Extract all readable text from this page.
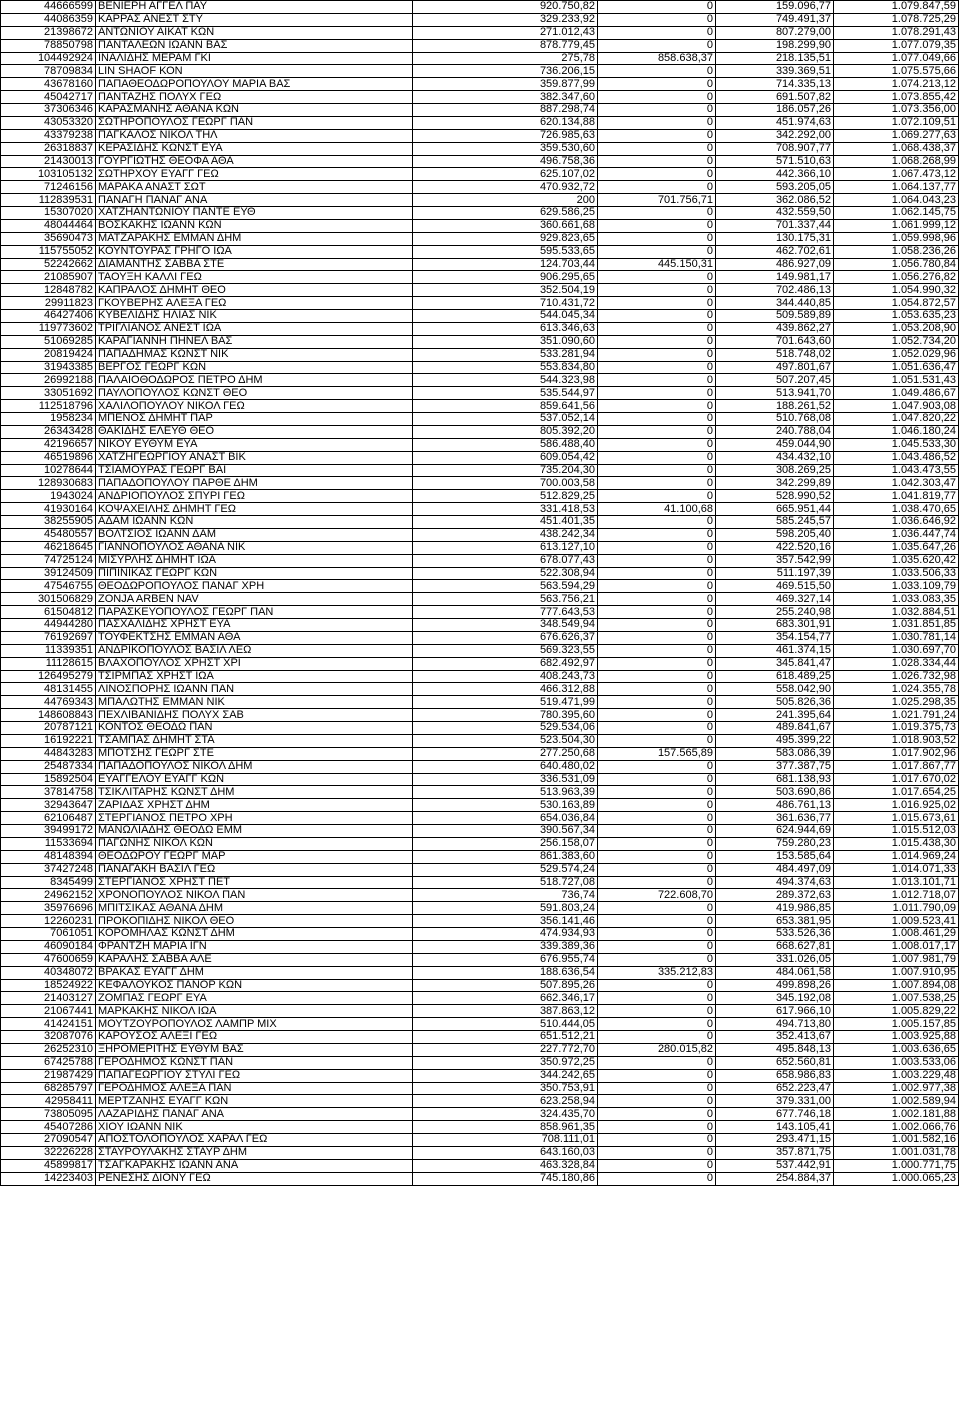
44666599	ΒΕΝΙΕΡΗ ΑΓΓΕΛ ΠΑΥ	920.750,82	0	159.096,77	1.079.847,59
44086359	ΚΑΡΡΑΣ ΑΝΕΣΤ ΣΤΥ	329.233,92	0	749.491,37	1.078.725,29
21398672	ΑΝΤΩΝΙΟΥ ΑΙΚΑΤ ΚΩΝ	271.012,43	0	807.279,00	1.078.291,43
78850798	ΠΑΝΤΑΛΕΩΝ ΙΩΑΝΝ ΒΑΣ	878.779,45	0	198.299,90	1.077.079,35
104492924	ΙΝΑΛΙΔΗΣ ΜΕΡΑΜ ΓΚΙ	275,78	858.638,37	218.135,51	1.077.049,66
78709834	LIN SHAOF ΚΟΝ	736.206,15	0	339.369,51	1.075.575,66
43678160	ΠΑΠΑΘΕΟΔΩΡΟΠΟΥΛΟΥ ΜΑΡΙΑ ΒΑΣ	359.877,99	0	714.335,13	1.074.213,12
45042717	ΠΑΝΤΑΖΗΣ ΠΟΛΥΧ ΓΕΩ	382.347,60	0	691.507,82	1.073.855,42
37306346	ΚΑΡΑΣΜΑΝΗΣ ΑΘΑΝΑ ΚΩΝ	887.298,74	0	186.057,26	1.073.356,00
43053320	ΣΩΤΗΡΟΠΟΥΛΟΣ ΓΕΩΡΓ ΠΑΝ	620.134,88	0	451.974,63	1.072.109,51
43379238	ΠΑΓΚΑΛΟΣ ΝΙΚΟΛ ΤΗΛ	726.985,63	0	342.292,00	1.069.277,63
26318837	ΚΕΡΑΣΙΔΗΣ ΚΩΝΣΤ ΕΥΑ	359.530,60	0	708.907,77	1.068.438,37
21430013	ΓΟΥΡΓΙΩΤΗΣ ΘΕΟΦΑ ΑΘΑ	496.758,36	0	571.510,63	1.068.268,99
103105132	ΣΩΤΗΡΧΟΥ ΕΥΑΓΓ ΓΕΩ	625.107,02	0	442.366,10	1.067.473,12
71246156	ΜΑΡΑΚΑ ΑΝΑΣΤ ΣΩΤ	470.932,72	0	593.205,05	1.064.137,77
112839531	ΠΑΝΑΓΗ ΠΑΝΑΓ ΑΝΑ	200	701.756,71	362.086,52	1.064.043,23
15307020	ΧΑΤΖΗΑΝΤΩΝΙΟΥ ΠΑΝΤΕ ΕΥΘ	629.586,25	0	432.559,50	1.062.145,75
48044464	ΒΟΣΚΑΚΗΣ ΙΩΑΝΝ ΚΩΝ	360.661,68	0	701.337,44	1.061.999,12
35690473	ΜΑΤΖΑΡΑΚΗΣ ΕΜΜΑΝ ΔΗΜ	929.823,65	0	130.175,31	1.059.998,96
115755052	ΚΟΥΝΤΟΥΡΑΣ ΓΡΗΓΟ ΙΩΑ	595.533,65	0	462.702,61	1.058.236,26
52242662	ΔΙΑΜΑΝΤΗΣ ΣΑΒΒΑ ΣΤΕ	124.703,44	445.150,31	486.927,09	1.056.780,84
21085907	ΤΑΟΥΞΗ ΚΑΛΛΙ ΓΕΩ	906.295,65	0	149.981,17	1.056.276,82
12848782	ΚΑΠΡΑΛΟΣ ΔΗΜΗΤ ΘΕΟ	352.504,19	0	702.486,13	1.054.990,32
29911823	ΓΚΟΥΒΕΡΗΣ ΑΛΕΞΑ ΓΕΩ	710.431,72	0	344.440,85	1.054.872,57
46427406	ΚΥΒΕΛΙΔΗΣ ΗΛΙΑΣ ΝΙΚ	544.045,34	0	509.589,89	1.053.635,23
119773602	ΤΡΙΓΛΙΑΝΟΣ ΑΝΕΣΤ ΙΩΑ	613.346,63	0	439.862,27	1.053.208,90
51069285	ΚΑΡΑΓΙΑΝΝΗ ΠΗΝΕΛ ΒΑΣ	351.090,60	0	701.643,60	1.052.734,20
20819424	ΠΑΠΑΔΗΜΑΣ ΚΩΝΣΤ ΝΙΚ	533.281,94	0	518.748,02	1.052.029,96
31943385	ΒΕΡΓΟΣ ΓΕΩΡΓ ΚΩΝ	553.834,80	0	497.801,67	1.051.636,47
26992188	ΠΑΛΑΙΟΘΟΔΩΡΟΣ ΠΕΤΡΟ ΔΗΜ	544.323,98	0	507.207,45	1.051.531,43
33051692	ΠΑΥΛΟΠΟΥΛΟΣ ΚΩΝΣΤ ΘΕΟ	535.544,97	0	513.941,70	1.049.486,67
112518796	ΧΑΛΙΛΟΠΟΥΛΟΥ ΝΙΚΟΛ ΓΕΩ	859.641,56	0	188.261,52	1.047.903,08
1958234	ΜΠΕΝΟΣ ΔΗΜΗΤ ΠΑΡ	537.052,14	0	510.768,08	1.047.820,22
26343428	ΘΑΚΙΔΗΣ ΕΛΕΥΘ ΘΕΟ	805.392,20	0	240.788,04	1.046.180,24
42196657	ΝΙΚΟΥ ΕΥΘΥΜ ΕΥΑ	586.488,40	0	459.044,90	1.045.533,30
46519896	ΧΑΤΖΗΓΕΩΡΓΙΟΥ ΑΝΑΣΤ ΒΙΚ	609.054,42	0	434.432,10	1.043.486,52
10278644	ΤΣΙΑΜΟΥΡΑΣ ΓΕΩΡΓ ΒΑΙ	735.204,30	0	308.269,25	1.043.473,55
128930683	ΠΑΠΑΔΟΠΟΥΛΟΥ ΠΑΡΘΕ ΔΗΜ	700.003,58	0	342.299,89	1.042.303,47
1943024	ΑΝΔΡΙΟΠΟΥΛΟΣ ΣΠΥΡΙ ΓΕΩ	512.829,25	0	528.990,52	1.041.819,77
41930164	ΚΟΨΑΧΕΙΛΗΣ ΔΗΜΗΤ ΓΕΩ	331.418,53	41.100,68	665.951,44	1.038.470,65
38255905	ΑΔΑΜ ΙΩΑΝΝ ΚΩΝ	451.401,35	0	585.245,57	1.036.646,92
45480557	ΒΟΛΤΣΙΟΣ ΙΩΑΝΝ ΔΑΜ	438.242,34	0	598.205,40	1.036.447,74
46218645	ΓΙΑΝΝΟΠΟΥΛΟΣ ΑΘΑΝΑ ΝΙΚ	613.127,10	0	422.520,16	1.035.647,26
74725124	ΜΙΣΥΡΛΗΣ ΔΗΜΗΤ ΙΩΑ	678.077,43	0	357.542,99	1.035.620,42
39124509	ΠΙΠΙΝΙΚΑΣ ΓΕΩΡΓ ΚΩΝ	522.308,94	0	511.197,39	1.033.506,33
47546755	ΘΕΟΔΩΡΟΠΟΥΛΟΣ ΠΑΝΑΓ ΧΡΗ	563.594,29	0	469.515,50	1.033.109,79
301506829	ZONJA ARBEN NAV	563.756,21	0	469.327,14	1.033.083,35
61504812	ΠΑΡΑΣΚΕΥΟΠΟΥΛΟΣ ΓΕΩΡΓ ΠΑΝ	777.643,53	0	255.240,98	1.032.884,51
44944280	ΠΑΣΧΑΛΙΔΗΣ ΧΡΗΣΤ ΕΥΑ	348.549,94	0	683.301,91	1.031.851,85
76192697	ΤΟΥΦΕΚΤΣΗΣ ΕΜΜΑΝ ΑΘΑ	676.626,37	0	354.154,77	1.030.781,14
11339351	ΑΝΔΡΙΚΟΠΟΥΛΟΣ ΒΑΣΙΛ ΛΕΩ	569.323,55	0	461.374,15	1.030.697,70
11128615	ΒΛΑΧΟΠΟΥΛΟΣ ΧΡΗΣΤ ΧΡΙ	682.492,97	0	345.841,47	1.028.334,44
126495279	ΤΣΙΡΜΠΑΣ ΧΡΗΣΤ ΙΩΑ	408.243,73	0	618.489,25	1.026.732,98
48131455	ΛΙΝΟΣΠΟΡΗΣ ΙΩΑΝΝ ΠΑΝ	466.312,88	0	558.042,90	1.024.355,78
44769343	ΜΠΑΛΩΤΗΣ ΕΜΜΑΝ ΝΙΚ	519.471,99	0	505.826,36	1.025.298,35
148608843	ΠΕΧΛΙΒΑΝΙΔΗΣ ΠΟΛΥΧ ΣΑΒ	780.395,60	0	241.395,64	1.021.791,24
20787121	ΚΟΝΤΟΣ ΘΕΟΔΩ ΠΑΝ	529.534,06	0	489.841,67	1.019.375,73
16192221	ΤΣΑΜΠΑΣ ΔΗΜΗΤ ΣΤΑ	523.504,30	0	495.399,22	1.018.903,52
44843283	ΜΠΟΤΣΗΣ ΓΕΩΡΓ ΣΤΕ	277.250,68	157.565,89	583.086,39	1.017.902,96
25487334	ΠΑΠΑΔΟΠΟΥΛΟΣ ΝΙΚΟΛ ΔΗΜ	640.480,02	0	377.387,75	1.017.867,77
15892504	ΕΥΑΓΓΕΛΟΥ ΕΥΑΓΓ ΚΩΝ	336.531,09	0	681.138,93	1.017.670,02
37814758	ΤΣΙΚΛΙΤΑΡΗΣ ΚΩΝΣΤ ΔΗΜ	513.963,39	0	503.690,86	1.017.654,25
32943647	ΖΑΡΙΔΑΣ ΧΡΗΣΤ ΔΗΜ	530.163,89	0	486.761,13	1.016.925,02
62106487	ΣΤΕΡΓΙΑΝΟΣ ΠΕΤΡΟ ΧΡΗ	654.036,84	0	361.636,77	1.015.673,61
39499172	ΜΑΝΩΛΙΑΔΗΣ ΘΕΟΔΩ ΕΜΜ	390.567,34	0	624.944,69	1.015.512,03
11533694	ΠΑΓΩΝΗΣ ΝΙΚΟΛ ΚΩΝ	256.158,07	0	759.280,23	1.015.438,30
48148394	ΘΕΟΔΩΡΟΥ ΓΕΩΡΓ ΜΑΡ	861.383,60	0	153.585,64	1.014.969,24
37427248	ΠΑΝΑΓΑΚΗ ΒΑΣΙΛ ΓΕΩ	529.574,24	0	484.497,09	1.014.071,33
8345499	ΣΤΕΡΓΙΑΝΟΣ ΧΡΗΣΤ ΠΕΤ	518.727,08	0	494.374,63	1.013.101,71
24962152	ΧΡΟΝΟΠΟΥΛΟΣ ΝΙΚΟΛ ΠΑΝ	736,74	722.608,70	289.372,63	1.012.718,07
35976696	ΜΠΙΤΣΙΚΑΣ ΑΘΑΝΑ ΔΗΜ	591.803,24	0	419.986,85	1.011.790,09
12260231	ΠΡΟΚΟΠΙΔΗΣ ΝΙΚΟΛ ΘΕΟ	356.141,46	0	653.381,95	1.009.523,41
7061051	ΚΟΡΟΜΗΛΑΣ ΚΩΝΣΤ ΔΗΜ	474.934,93	0	533.526,36	1.008.461,29
46090184	ΦΡΑΝΤΖΗ ΜΑΡΙΑ ΙΓΝ	339.389,36	0	668.627,81	1.008.017,17
47600659	ΚΑΡΑΛΗΣ ΣΑΒΒΑ ΑΛΕ	676.955,74	0	331.026,05	1.007.981,79
40348072	ΒΡΑΚΑΣ ΕΥΑΓΓ ΔΗΜ	188.636,54	335.212,83	484.061,58	1.007.910,95
18524922	ΚΕΦΑΛΟΥΚΟΣ ΠΑΝΟΡ ΚΩΝ	507.895,26	0	499.898,26	1.007.894,08
21403127	ΖΟΜΠΑΣ ΓΕΩΡΓ ΕΥΑ	662.346,17	0	345.192,08	1.007.538,25
21067441	ΜΑΡΚΑΚΗΣ ΝΙΚΟΛ ΙΩΑ	387.863,12	0	617.966,10	1.005.829,22
41424151	ΜΟΥΤΖΟΥΡΟΠΟΥΛΟΣ ΛΑΜΠΡ ΜΙΧ	510.444,05	0	494.713,80	1.005.157,85
32087076	ΚΑΡΟΥΣΟΣ ΑΛΕΞΙ ΓΕΩ	651.512,21	0	352.413,67	1.003.925,88
26252310	ΞΗΡΟΜΕΡΙΤΗΣ ΕΥΘΥΜ ΒΑΣ	227.772,70	280.015,82	495.848,13	1.003.636,65
67425788	ΓΕΡΟΔΗΜΟΣ ΚΩΝΣΤ ΠΑΝ	350.972,25	0	652.560,81	1.003.533,06
21987429	ΠΑΠΑΓΕΩΡΓΙΟΥ ΣΤΥΛΙ ΓΕΩ	344.242,65	0	658.986,83	1.003.229,48
68285797	ΓΕΡΟΔΗΜΟΣ ΑΛΕΞΑ ΠΑΝ	350.753,91	0	652.223,47	1.002.977,38
42958411	ΜΕΡΤΖΑΝΗΣ ΕΥΑΓΓ ΚΩΝ	623.258,94	0	379.331,00	1.002.589,94
73805095	ΛΑΖΑΡΙΔΗΣ ΠΑΝΑΓ ΑΝΑ	324.435,70	0	677.746,18	1.002.181,88
45407286	ΧΙΟΥ ΙΩΑΝΝ ΝΙΚ	858.961,35	0	143.105,41	1.002.066,76
27090547	ΑΠΟΣΤΟΛΟΠΟΥΛΟΣ ΧΑΡΑΛ ΓΕΩ	708.111,01	0	293.471,15	1.001.582,16
32226228	ΣΤΑΥΡΟΥΛΑΚΗΣ ΣΤΑΥΡ ΔΗΜ	643.160,03	0	357.871,75	1.001.031,78
45899817	ΤΣΑΓΚΑΡΑΚΗΣ ΙΩΑΝΝ ΑΝΑ	463.328,84	0	537.442,91	1.000.771,75
14223403	ΡΕΝΕΣΗΣ ΔΙΟΝΥ ΓΕΩ	745.180,86	0	254.884,37	1.000.065,23
